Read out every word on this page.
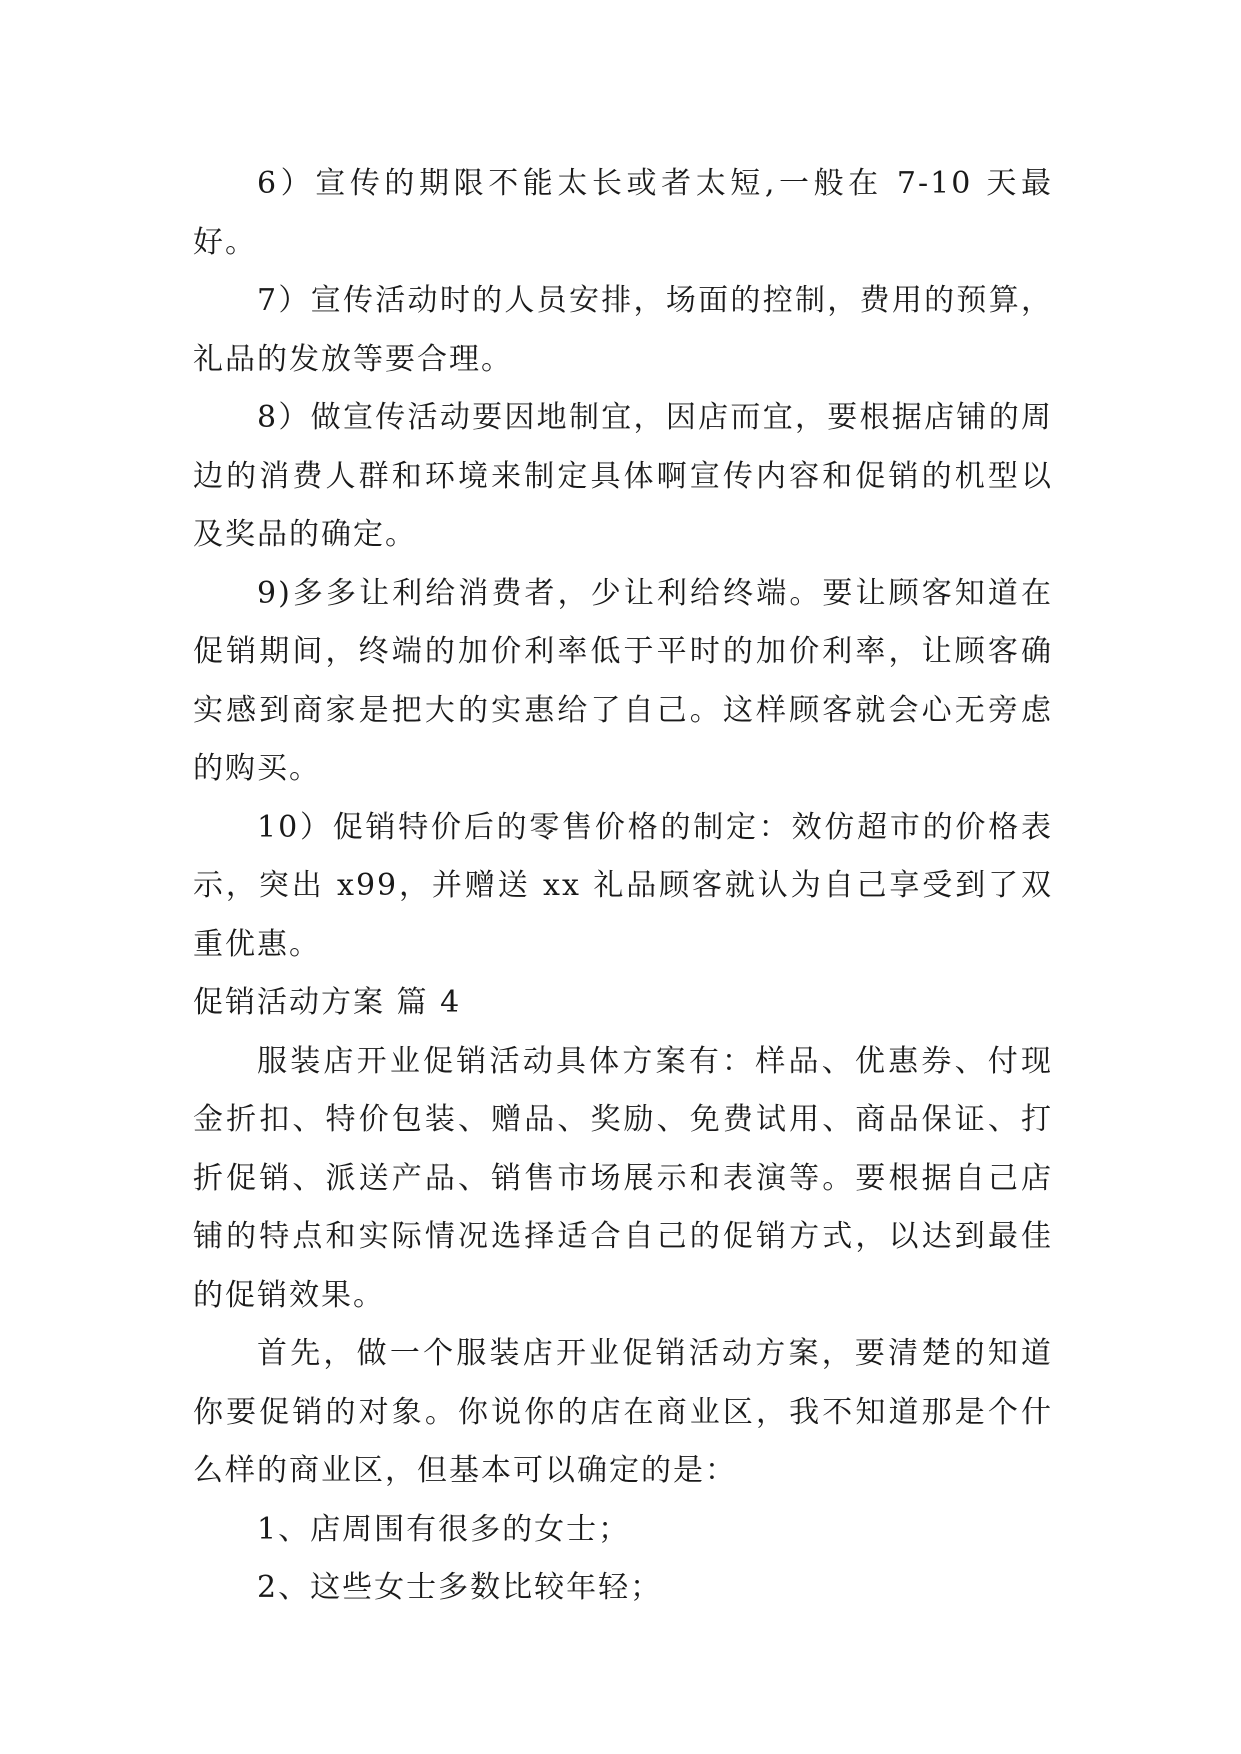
6）宣传的期限不能太长或者太短,一般在 7-10 天最好。

7）宣传活动时的人员安排，场面的控制，费用的预算，礼品的发放等要合理。

8）做宣传活动要因地制宜，因店而宜，要根据店铺的周边的消费人群和环境来制定具体啊宣传内容和促销的机型以及奖品的确定。

9)多多让利给消费者，少让利给终端。要让顾客知道在促销期间，终端的加价利率低于平时的加价利率，让顾客确实感到商家是把大的实惠给了自己。这样顾客就会心无旁虑的购买。

10）促销特价后的零售价格的制定：效仿超市的价格表示，突出 x99，并赠送 xx 礼品顾客就认为自己享受到了双重优惠。

促销活动方案 篇 4

服装店开业促销活动具体方案有：样品、优惠券、付现金折扣、特价包装、赠品、奖励、免费试用、商品保证、打折促销、派送产品、销售市场展示和表演等。要根据自己店铺的特点和实际情况选择适合自己的促销方式，以达到最佳的促销效果。

首先，做一个服装店开业促销活动方案，要清楚的知道你要促销的对象。你说你的店在商业区，我不知道那是个什么样的商业区，但基本可以确定的是：

1、店周围有很多的女士；

2、这些女士多数比较年轻；
